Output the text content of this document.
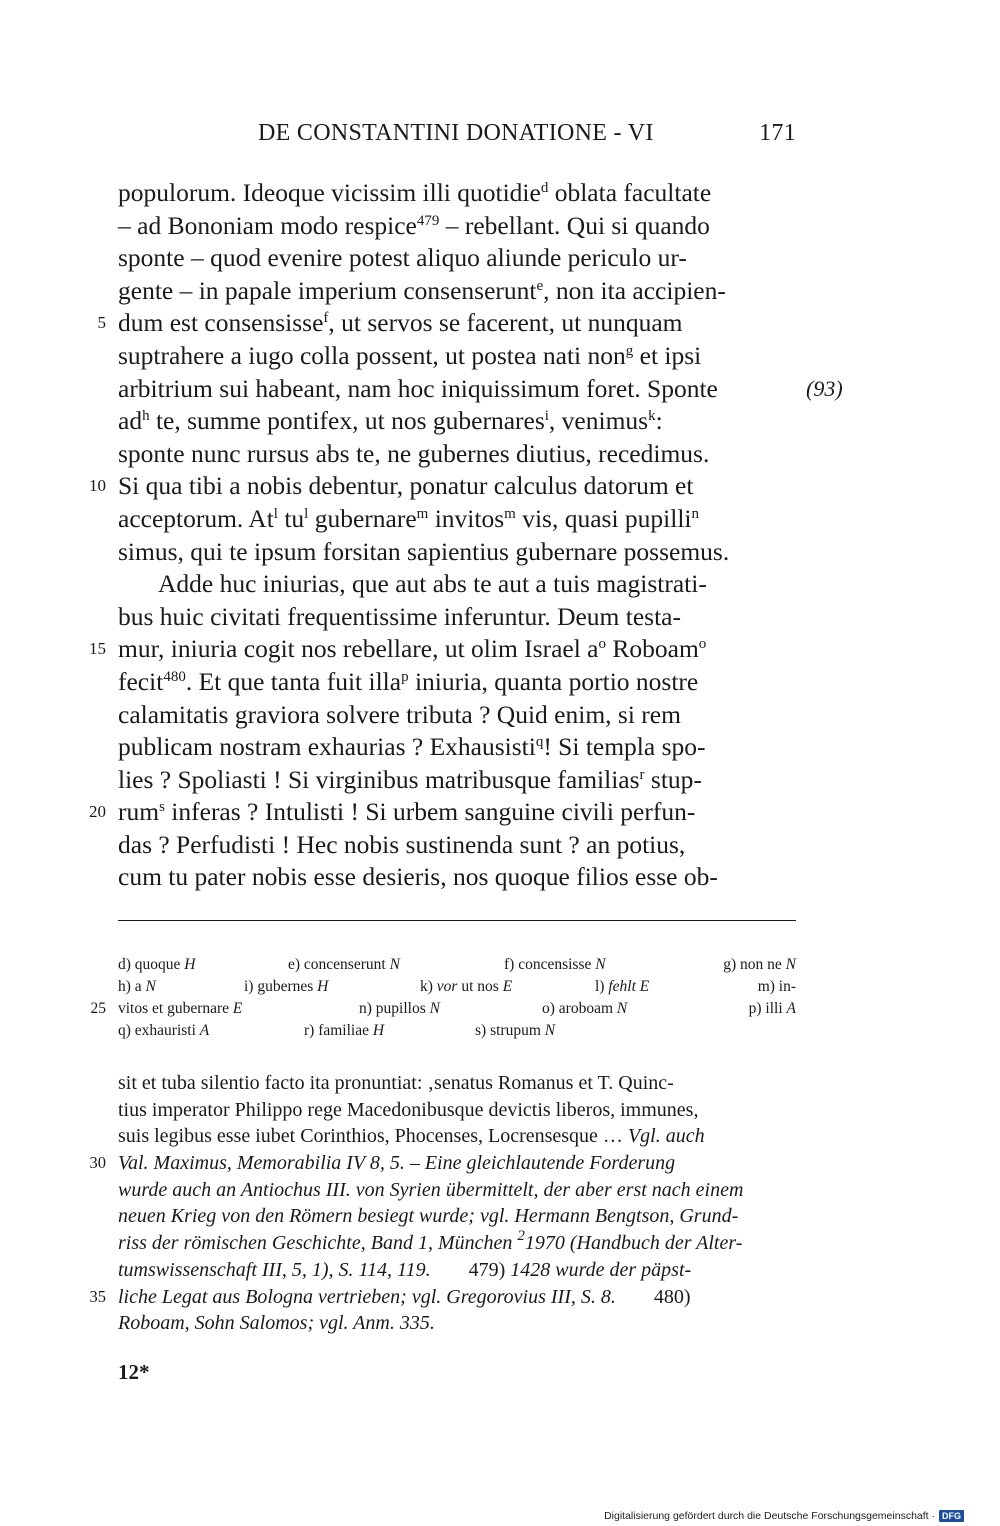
DE CONSTANTINI DONATIONE - VI	171
populorum. Ideoque vicissim illi quotidie$^d$ oblata facultate
– ad Bononiam modo respice$^{479}$ – rebellant. Qui si quando
sponte – quod evenire potest aliquo aliunde periculo ur-
gente – in papale imperium consenserunt$^e$, non ita accipien-
5 dum est consensisse$^f$, ut servos se facerent, ut nunquam
suptrahere a iugo colla possent, ut postea nati non$^g$ et ipsi
arbitrium sui habeant, nam hoc iniquissimum foret. Sponte	(93)
$ad^h$ te, summe pontifex, ut nos gubernares$^i$, venimus$^k$:
sponte nunc rursus abs te, ne gubernes diutius, recedimus.
10 Si qua tibi a nobis debentur, ponatur calculus datorum et
acceptorum. At$^l$ $tu^l$ gubernare$^m$ invitos$^m$ vis, quasi pupilli$^n$
simus, qui te ipsum forsitan sapientius gubernare possemus.
Adde huc iniurias, que aut abs te aut a tuis magistrati-
bus huic civitati frequentissime inferuntur. Deum testa-
15 mur, iniuria cogit nos rebellare, ut olim Israel $a^o$ Roboam$^o$
fecit$^{480}$. Et que tanta fuit illa$^p$ iniuria, quanta portio nostre
calamitatis graviora solvere tributa ? Quid enim, si rem
publicam nostram exhaurias ? Exhausisti$^q$! Si templa spo-
lies ? Spoliasti ! Si virginibus matribusque familias$^r$ stup-
20 rum$^s$ inferas ? Intulisti ! Si urbem sanguine civili perfun-
das ? Perfudisti ! Hec nobis sustinenda sunt ? an potius,
cum tu pater nobis esse desieris, nos quoque filios esse ob-
d) quoque H	e) concenserunt N	f) concensisse N	g) non ne N
h) a N	i) gubernes H	k) vor ut nos E	l) fehlt E	m) in-
25 vitos et gubernare E	n) pupillos N	o) aroboam N	p) illi A
q) exhauristi A	r) familiae H	s) strupum N
sit et tuba silentio facto ita pronuntiat: ‚senatus Romanus et T. Quinc-
tius imperator Philippo rege Macedonibusque devictis liberos, immunes,
suis legibus esse iubet Corinthios, Phocenses, Locrensesque … Vgl. auch
30 Val. Maximus, Memorabilia IV 8, 5. – Eine gleichlautende Forderung
wurde auch an Antiochus III. von Syrien übermittelt, der aber erst nach einem
neuen Krieg von den Römern besiegt wurde; vgl. Hermann Bengtson, Grund-
riss der römischen Geschichte, Band 1, München $^2$1970 (Handbuch der Alter-
tumswissenschaft III, 5, 1), S. 114, 119. 479) 1428 wurde der päpst-
35 liche Legat aus Bologna vertrieben; vgl. Gregorovius III, S. 8. 480)
Roboam, Sohn Salomos; vgl. Anm. 335.
12*
Digitalisierung gefördert durch die Deutsche Forschungsgemeinschaft · DFG
